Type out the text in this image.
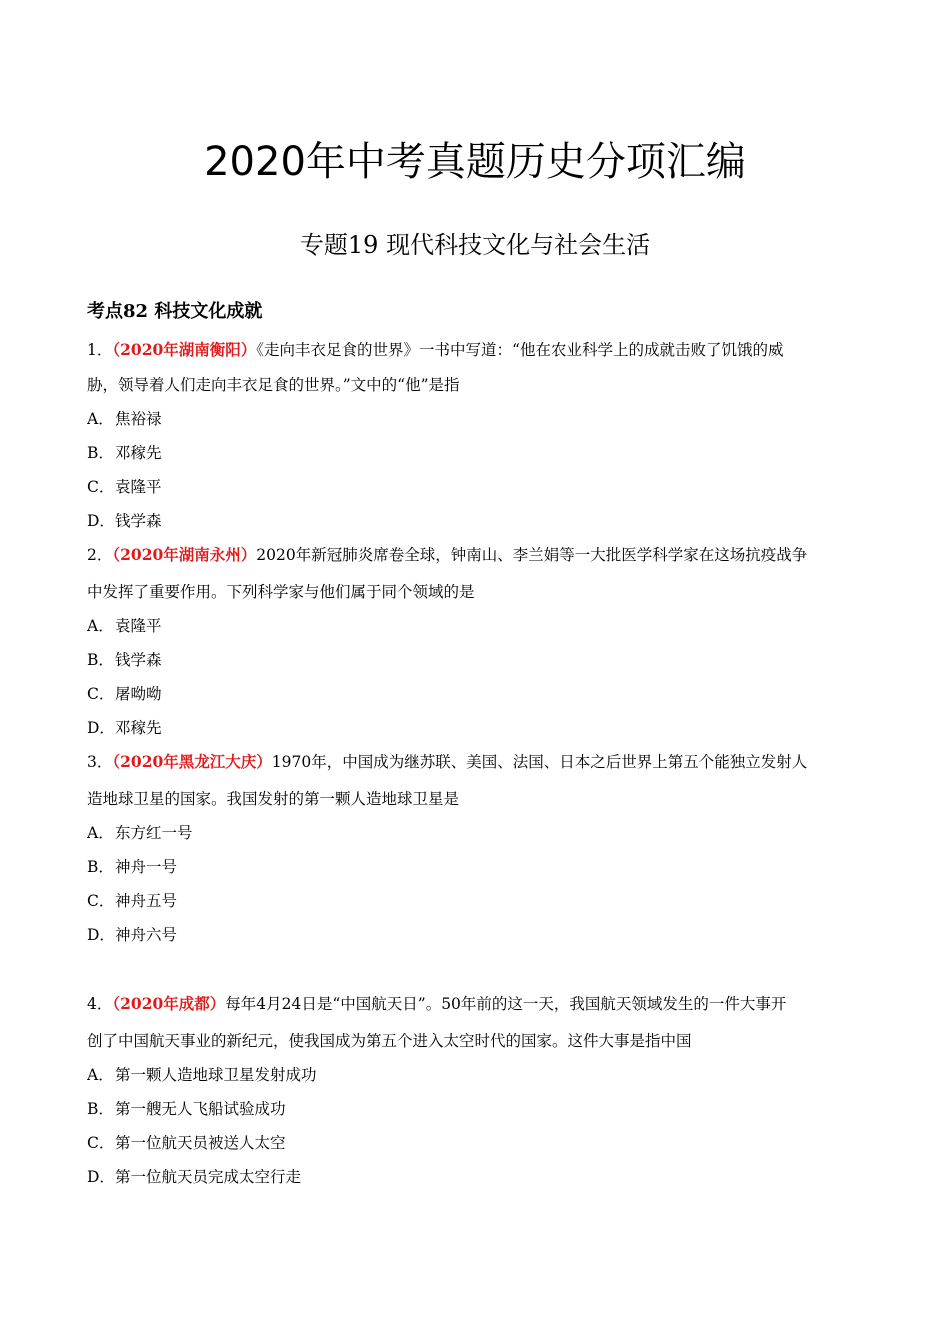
2020年中考真题历史分项汇编
专题19 现代科技文化与社会生活
考点82 科技文化成就
1．（2020年湖南衡阳）《走向丰衣足食的世界》一书中写道：“他在农业科学上的成就击败了饥饿的威
胁，领导着人们走向丰衣足食的世界。”文中的“他”是指
A．焦裕禄
B．邓稼先
C．袁隆平
D．钱学森
2．（2020年湖南永州）2020年新冠肺炎席卷全球，钟南山、李兰娟等一大批医学科学家在这场抗疫战争
中发挥了重要作用。下列科学家与他们属于同个领域的是
A．袁隆平
B．钱学森
C．屠呦呦
D．邓稼先
3．（2020年黑龙江大庆）1970年，中国成为继苏联、美国、法国、日本之后世界上第五个能独立发射人
造地球卫星的国家。我国发射的第一颗人造地球卫星是
A．东方红一号
B．神舟一号
C．神舟五号
D．神舟六号
4．（2020年成都）每年4月24日是“中国航天日”。50年前的这一天，我国航天领域发生的一件大事开
创了中国航天事业的新纪元，使我国成为第五个进入太空时代的国家。这件大事是指中国
A．第一颗人造地球卫星发射成功
B．第一艘无人飞船试验成功
C．第一位航天员被送人太空
D．第一位航天员完成太空行走
